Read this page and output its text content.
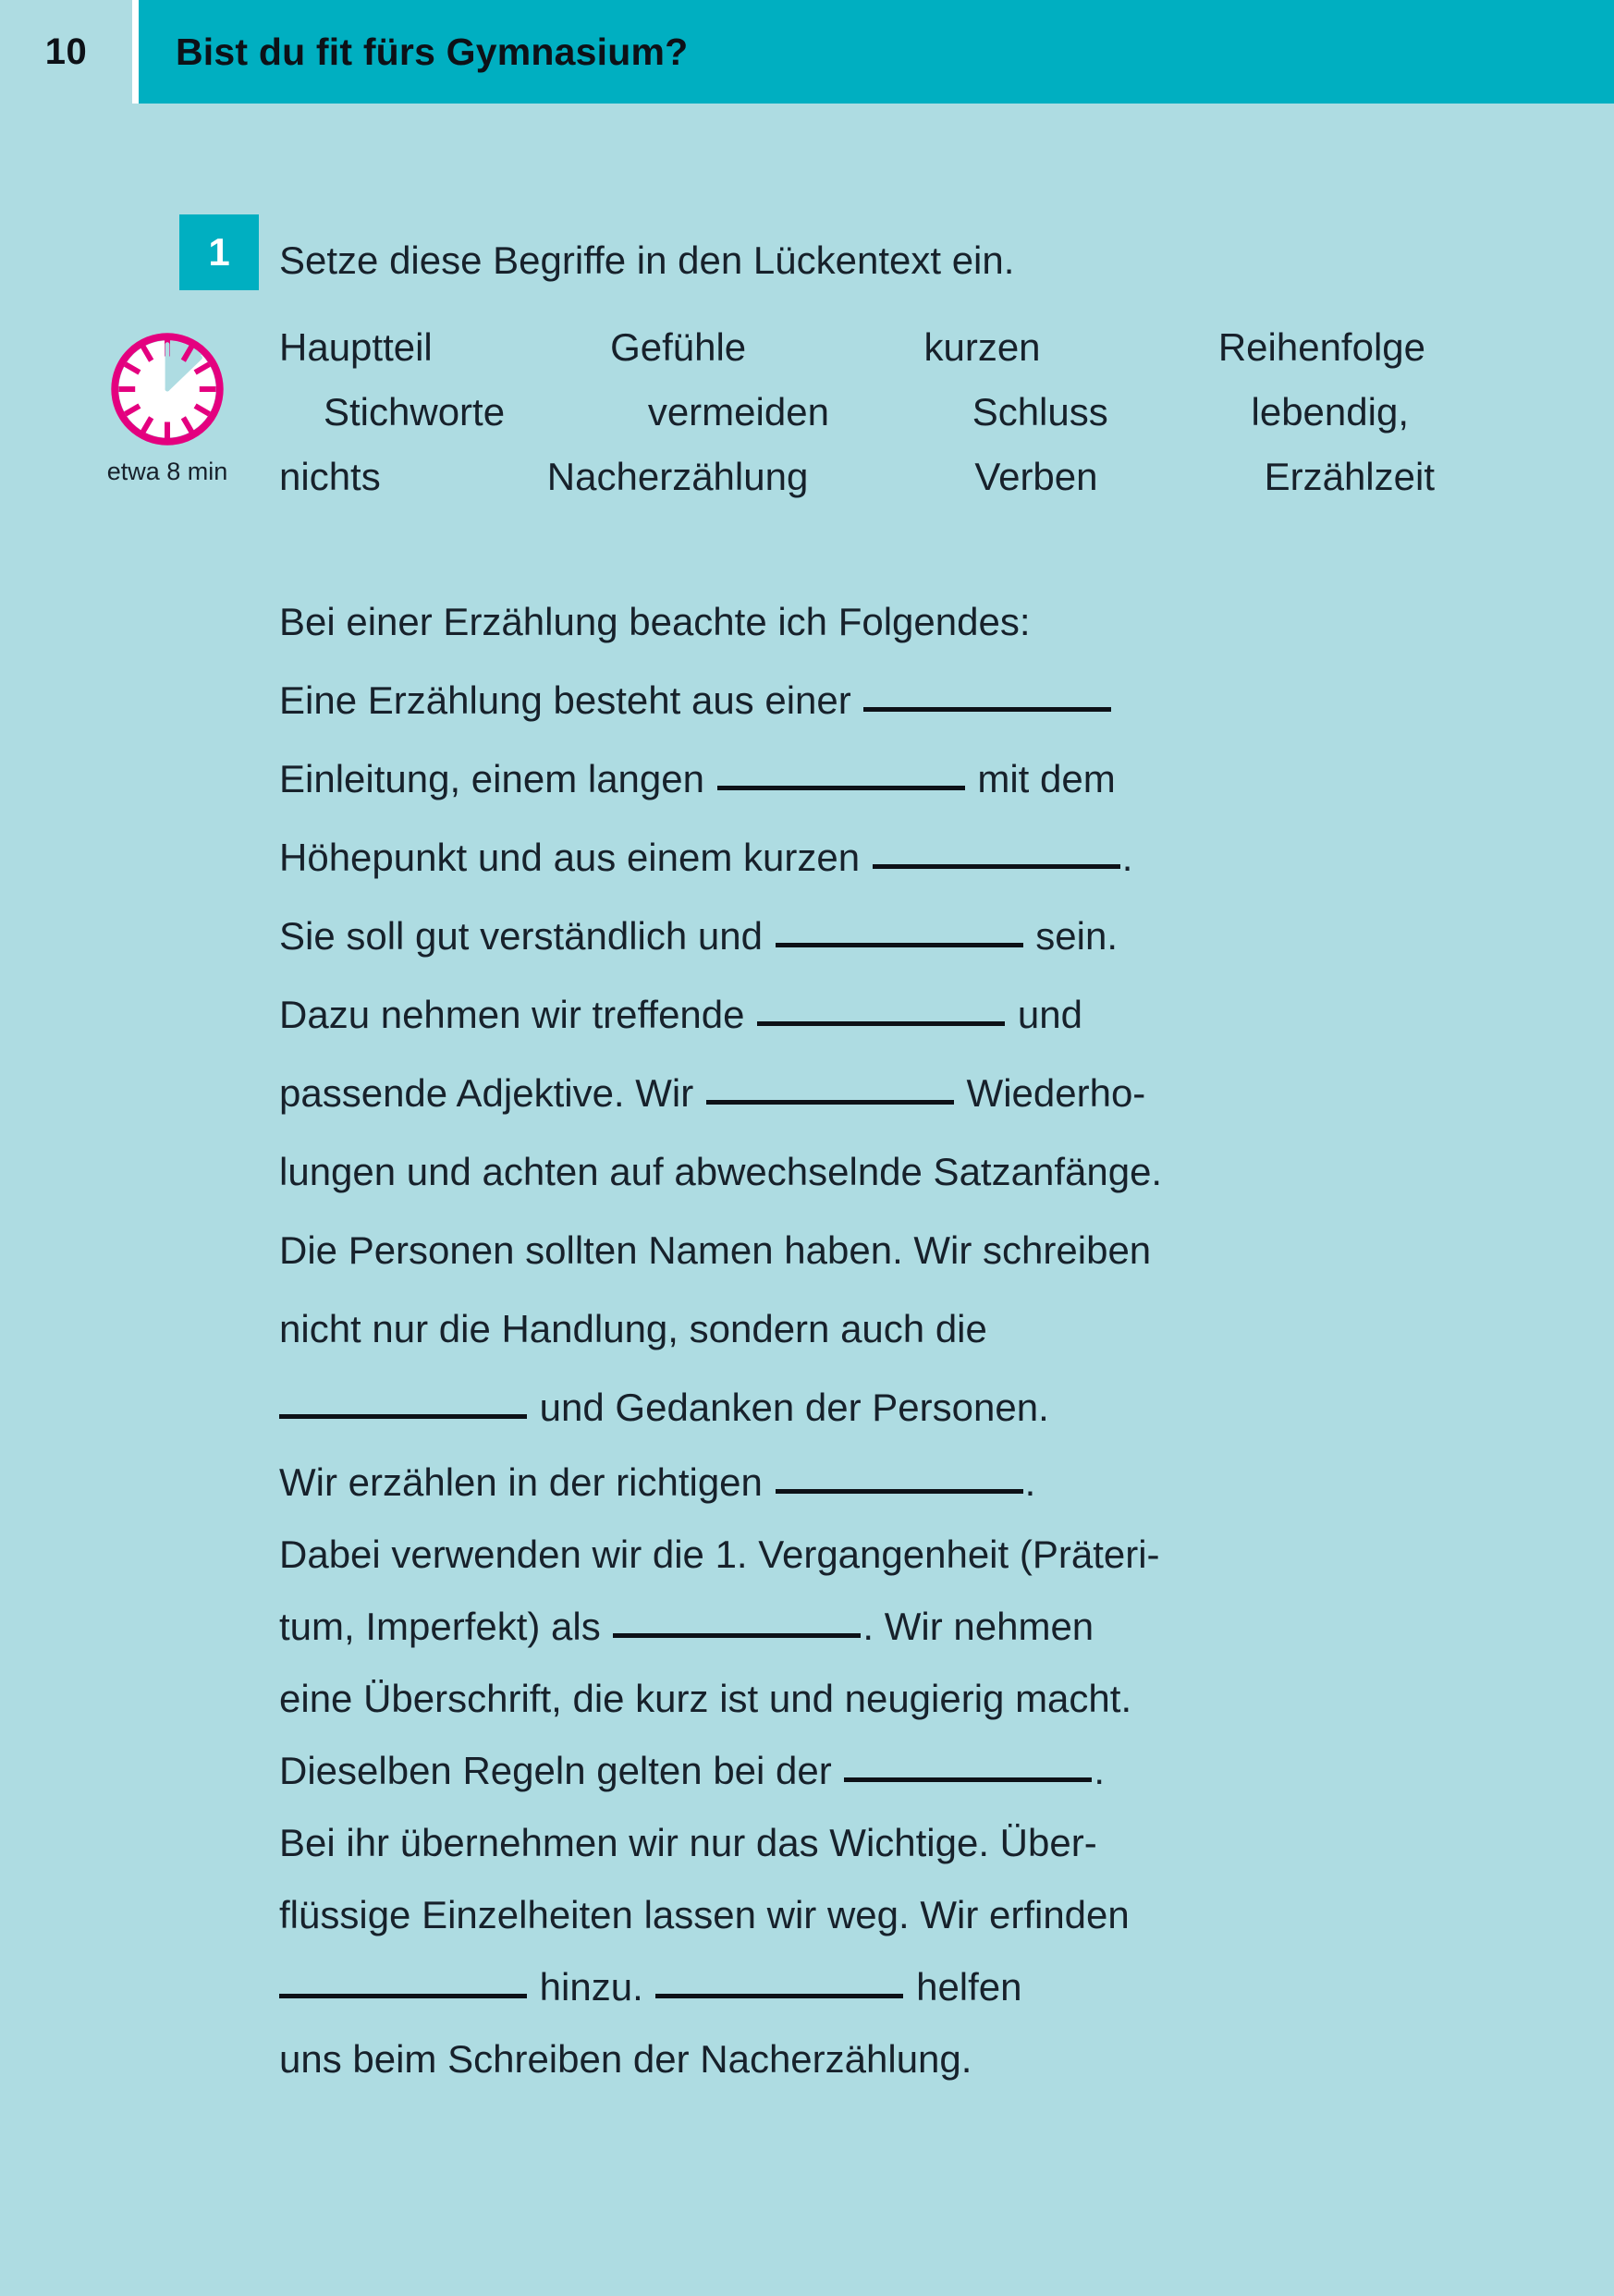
10 Bist du fit fürs Gymnasium?
1
etwa 8 min
Setze diese Begriffe in den Lückentext ein.
Hauptteil	Gefühle	kurzen	Reihenfolge
Stichworte	vermeiden	Schluss	lebendig,
nichts	Nacherzählung	Verben	Erzählzeit
Bei einer Erzählung beachte ich Folgendes:
Eine Erzählung besteht aus einer
Einleitung, einem langen	mit dem
Höhepunkt und aus einem kurzen	.
Sie soll gut verständlich und	sein.
Dazu nehmen wir treffende	und
passende Adjektive. Wir	Wiederho-
lungen und achten auf abwechselnde Satzanfänge.
Die Personen sollten Namen haben. Wir schreiben
nicht nur die Handlung, sondern auch die
und Gedanken der Personen.
Wir erzählen in der richtigen	.
Dabei verwenden wir die 1. Vergangenheit (Präteri-
tum, Imperfekt) als	. Wir nehmen
eine Überschrift, die kurz ist und neugierig macht.
Dieselben Regeln gelten bei der	.
Bei ihr übernehmen wir nur das Wichtige. Über-
flüssige Einzelheiten lassen wir weg. Wir erfinden
hinzu.	helfen
uns beim Schreiben der Nacherzählung.
